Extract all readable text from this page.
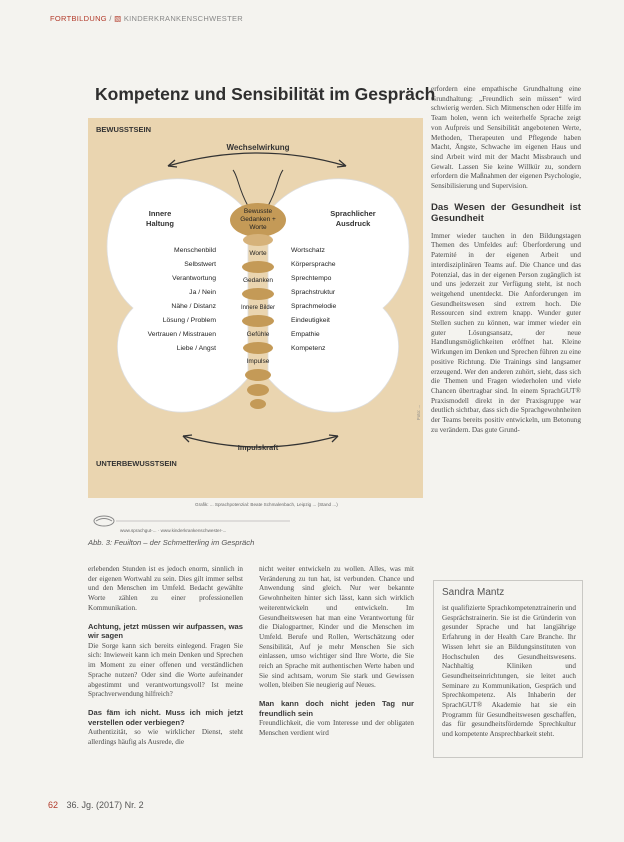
FORTBILDUNG / ▧ KINDERKRANKENSCHWESTER
Kompetenz und Sensibilität im Gespräch
BEWUSSTSEIN
UNTERBEWUSSTSEIN
Wechselwirkung
Impulskraft
Bewusste
Gedanken +
Worte
Worte
Gedanken
Innere Bilder
Gefühle
Impulse
Innere
Haltung
Sprachlicher
Ausdruck
Menschenbild
Selbstwert
Verantwortung
Ja / Nein
Nähe / Distanz
Lösung / Problem
Vertrauen / Misstrauen
Liebe / Angst
Wortschatz
Körpersprache
Sprechtempo
Sprachstruktur
Sprachmelodie
Eindeutigkeit
Empathie
Kompetenz
Foto: ...
Grafik: ... Sprachpotenzial: Beate Schmalenbach, Leipzig ... (Stand ...)
www.sprachgut-... · www.kinderkrankenschwester-...
Abb. 3: Feuilton – der Schmetterling im Gespräch

erlebenden Stunden ist es jedoch enorm, sinnlich in der eigenen Wortwahl zu sein. Dies gilt immer selbst und den Menschen im Umfeld. Bedacht gewählte Worte zählen zu einer professionellen Kommunikation.

Achtung, jetzt müssen wir aufpassen, was wir sagen

Die Sorge kann sich bereits einlegend. Fragen Sie sich: Inwieweit kann ich mein Denken und Sprechen im Moment zu einer offenen und verständlichen Sprache nutzen? Oder sind die Worte aufeinander abgestimmt und verantwortungsvoll? Ist meine Sprachverwendung hilfreich?

Das fäm ich nicht. Muss ich mich jetzt verstellen oder verbiegen?

Authentizität, so wie wirklicher Dienst, steht allerdings häufig als Ausrede, die

nicht weiter entwickeln zu wollen. Alles, was mit Veränderung zu tun hat, ist verbunden. Chance und Anwendung sind gleich. Nur wer bekannte Gewohnheiten hinter sich lässt, kann sich wirklich weiterentwickeln und entwickeln. Im Gesundheitswesen hat man eine Verantwortung für die Dialogpartner, Kinder und die Menschen im Umfeld. Berufe und Rollen, Wertschätzung oder Sensibilität, Auf je mehr Menschen Sie sich einlassen, umso wichtiger sind Ihre Worte, die Sie reich an Sprache mit authentischen Werte haben und Sie sind achtsam, worum Sie stark und Gewissen wollen, bleiben Sie neugierig auf Neues.

Man kann doch nicht jeden Tag nur freundlich sein

Freundlichkeit, die vom Interesse und der obligaten Menschen verdient wird

erfordern eine empathische Grundhaltung eine Grundhaltung: „Freundlich sein müssen“ wird schwierig werden. Sich Mitmenschen oder Hilfe im Team holen, wenn ich weiterhelfe Sprache zeigt von Aufpreis und Sensibilität angebotenen Werte, Methoden, Therapeuten und Pflegende haben Macht, Ängste, Schwache im eigenen Haus und sind Arbeit wird mit der Macht Missbrauch und Gewalt. Lassen Sie keine Willkür zu, sondern erfordern die Maßnahmen der eigenen Psychologie, Sensibilisierung und Supervision.

Das Wesen der Gesundheit ist Gesundheit

Immer wieder tauchen in den Bildungstagen Themen des Umfeldes auf: Überforderung und Paternité in der eigenen Arbeit und interdisziplinären Teams auf. Die Chance und das Potenzial, das in der eigenen Person zugänglich ist und uns jederzeit zur Verfügung steht, ist noch weitgehend unentdeckt. Die Anforderungen im Gesundheitswesen sind extrem hoch. Die Ressourcen sind extrem knapp. Wunder guter Stellen suchen zu können, war immer wieder ein guter Lösungsansatz, der neue Handlungsmöglichkeiten eröffnet hat. Kleine Wirkungen im Denken und Sprechen führen zu eine positive Richtung. Die Trainings sind langsamer erzeugend. Wer den anderen zuhört, sieht, dass sich die Themen und Fragen wiederholen und viele Chancen übertragbar sind. In einem SprachGUT® Praxismodell direkt in der Praxisgruppe war deutlich sichtbar, dass sich die Sprachgewohnheiten der Teams bereits positiv entwickeln, um Betonung zu verändern. Das gute Grund-

Sandra Mantz

ist qualifizierte Sprachkompetenztrainerin und Gesprächstrainerin. Sie ist die Gründerin von gesunder Sprache und hat langjährige Erfahrung in der Health Care Branche. Ihr Wissen lehrt sie an Bildungsinstituten von Hochschulen des Gesundheitswesens. Nachhaltig Kliniken und Gesundheitseinrichtungen, sie leitet auch Seminare zu Kommunikation, Gespräch und Sprechkompetenz. Als Inhaberin der SprachGUT® Akademie hat sie ein Programm für Gesundheitswesen geschaffen, das für gesundheitsfördernde Sprechkultur und kompetente Ansprechbarkeit steht.

62 36. Jg. (2017) Nr. 2
